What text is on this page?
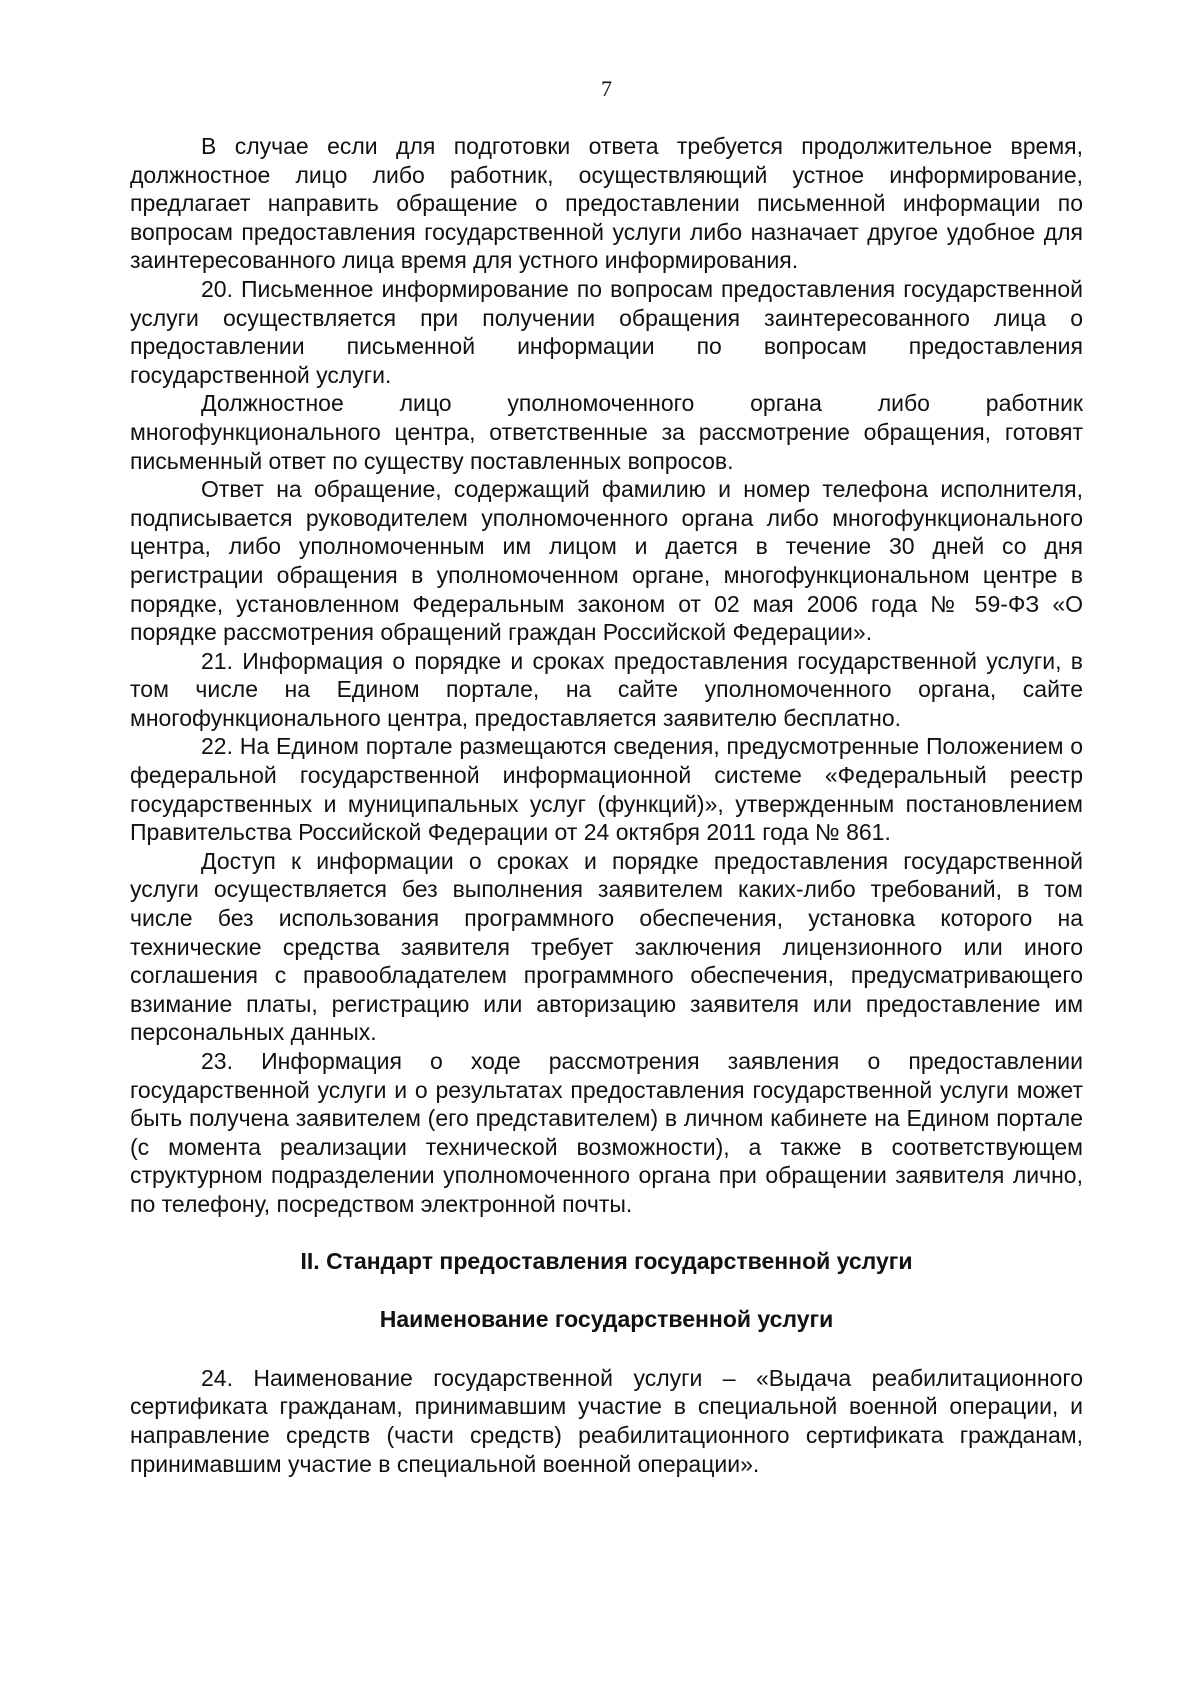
7

В случае если для подготовки ответа требуется продолжительное время, должностное лицо либо работник, осуществляющий устное информирование, предлагает направить обращение о предоставлении письменной информации по вопросам предоставления государственной услуги либо назначает другое удобное для заинтересованного лица время для устного информирования.

20. Письменное информирование по вопросам предоставления государственной услуги осуществляется при получении обращения заинтересованного лица о предоставлении письменной информации по вопросам предоставления государственной услуги.

Должностное лицо уполномоченного органа либо работник многофункционального центра, ответственные за рассмотрение обращения, готовят письменный ответ по существу поставленных вопросов.

Ответ на обращение, содержащий фамилию и номер телефона исполнителя, подписывается руководителем уполномоченного органа либо многофункционального центра, либо уполномоченным им лицом и дается в течение 30 дней со дня регистрации обращения в уполномоченном органе, многофункциональном центре в порядке, установленном Федеральным законом от 02 мая 2006 года № 59-ФЗ «О порядке рассмотрения обращений граждан Российской Федерации».

21. Информация о порядке и сроках предоставления государственной услуги, в том числе на Едином портале, на сайте уполномоченного органа, сайте многофункционального центра, предоставляется заявителю бесплатно.

22. На Едином портале размещаются сведения, предусмотренные Положением о федеральной государственной информационной системе «Федеральный реестр государственных и муниципальных услуг (функций)», утвержденным постановлением Правительства Российской Федерации от 24 октября 2011 года № 861.

Доступ к информации о сроках и порядке предоставления государственной услуги осуществляется без выполнения заявителем каких-либо требований, в том числе без использования программного обеспечения, установка которого на технические средства заявителя требует заключения лицензионного или иного соглашения с правообладателем программного обеспечения, предусматривающего взимание платы, регистрацию или авторизацию заявителя или предоставление им персональных данных.

23. Информация о ходе рассмотрения заявления о предоставлении государственной услуги и о результатах предоставления государственной услуги может быть получена заявителем (его представителем) в личном кабинете на Едином портале (с момента реализации технической возможности), а также в соответствующем структурном подразделении уполномоченного органа при обращении заявителя лично, по телефону, посредством электронной почты.

II. Стандарт предоставления государственной услуги
Наименование государственной услуги

24. Наименование государственной услуги – «Выдача реабилитационного сертификата гражданам, принимавшим участие в специальной военной операции, и направление средств (части средств) реабилитационного сертификата гражданам, принимавшим участие в специальной военной операции».
